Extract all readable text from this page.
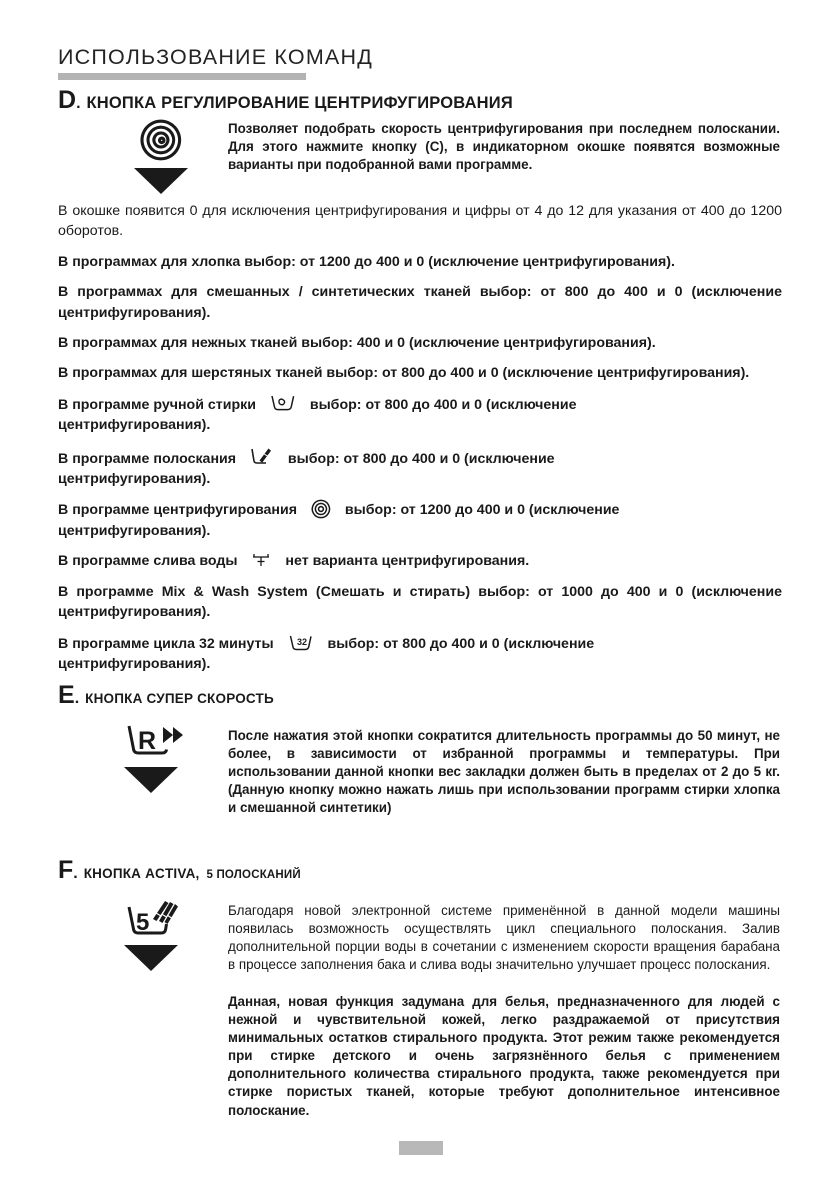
ИСПОЛЬЗОВАНИЕ КОМАНД
D . КНОПКА РЕГУЛИРОВАНИЕ ЦЕНТРИФУГИРОВАНИЯ
Позволяет подобрать скорость центрифугирования при последнем полоскании. Для этого нажмите кнопку (С), в индикаторном окошке появятся возможные варианты при подобранной вами программе.
В окошке появится 0 для исключения центрифугирования и цифры от 4 до 12 для указания от 400 до 1200 оборотов.
В программах для хлопка выбор: от 1200 до 400 и 0 (исключение центрифугирования).
В программах для смешанных / синтетических тканей выбор: от 800 до 400 и 0 (исключение центрифугирования).
В программах для нежных тканей выбор: 400 и 0 (исключение центрифугирования).
В программах для шерстяных тканей выбор: от 800 до 400 и 0 (исключение центрифугирования).
В программе ручной стирки	выбор: от 800 до 400 и 0 (исключение
центрифугирования).
В программе полоскания	выбор: от 800 до 400 и 0 (исключение
центрифугирования).
В программе центрифугирования	выбор: от 1200 до 400 и 0 (исключение
центрифугирования).
В программе слива воды	нет варианта центрифугирования.
В программе Mix & Wash System (Смешать и стирать) выбор: от 1000 до 400 и 0 (исключение центрифугирования).
В программе цикла 32 минуты	32 выбор: от 800 до 400 и 0 (исключение
центрифугирования).
E . КНОПКА СУПЕР СКОРОСТЬ
R	После нажатия этой кнопки сократится длительность программы до 50 минут, не более, в зависимости от избранной программы и температуры. При использовании данной кнопки вес закладки должен быть в пределах от 2 до 5 кг. (Данную кнопку можно нажать лишь при использовании программ стирки хлопка и смешанной синтетики)
F . КНОПКА ACTIVA, 5 ПОЛОСКАНИЙ
5	Благодаря новой электронной системе применённой в данной модели машины появилась возможность осуществлять цикл специального полоскания. Залив дополнительной порции воды в сочетании с изменением скорости вращения барабана в процессе заполнения бака и слива воды значительно улучшает процесс полоскания.
Данная, новая функция задумана для белья, предназначенного для людей с нежной и чувствительной кожей, легко раздражаемой от присутствия минимальных остатков стирального продукта. Этот режим также рекомендуется при стирке детского и очень загрязнённого белья с применением дополнительного количества стирального продукта, также рекомендуется при стирке пористых тканей, которые требуют дополнительное интенсивное полоскание.
